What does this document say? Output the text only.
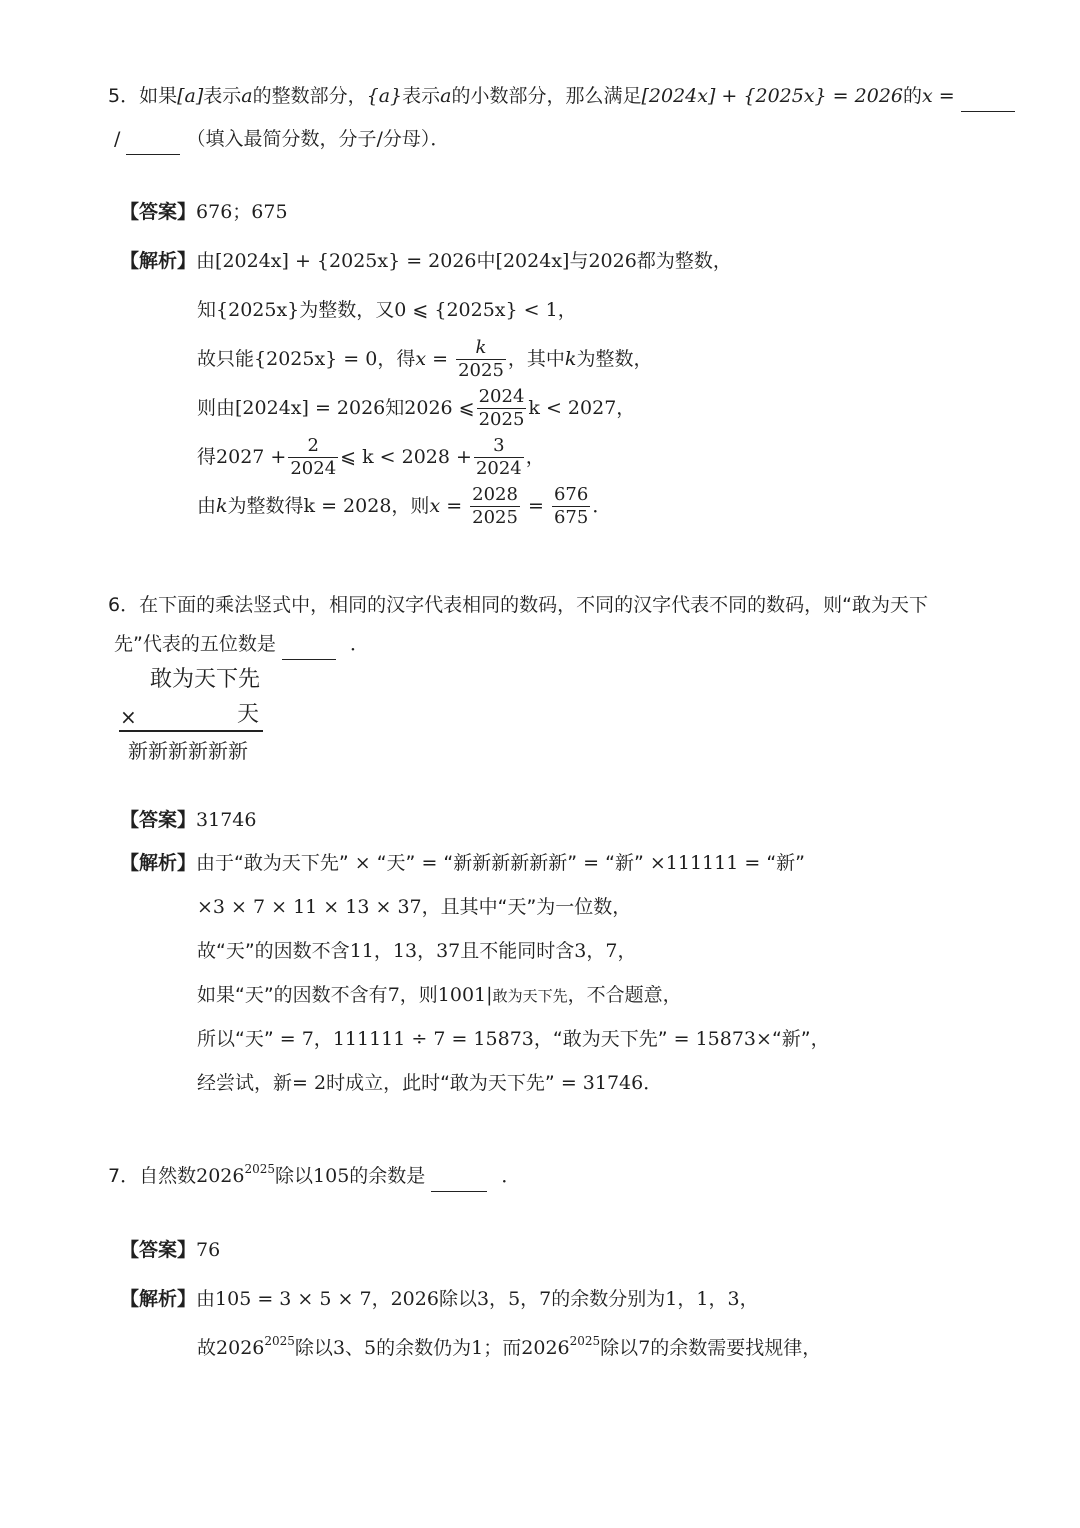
5．如果[a]表示a的整数部分，{a}表示a的小数部分，那么满足[2024x] + {2025x} = 2026的x =
/	（填入最简分数，分子/分母）．
【答案】676；675
【解析】由[2024x] + {2025x} = 2026中[2024x]与2026都为整数，
知{2025x}为整数，又0 ⩽ {2025x} < 1，
故只能{2025x} = 0，得$x = \frac{k}{2025}$ ，其中k为整数，
则由[2024x] = 2026知2026 ⩽ $\frac{2024}{2025}$ k < 2027，
得$2027 + \frac{2}{2024}$ ⩽ $k < 2028 + \frac{3}{2024}$ ，
由k为整数得k = 2028，则$x = \frac{2028}{2025} = \frac{676}{675}$ ．
6．在下面的乘法竖式中，相同的汉字代表相同的数码，不同的汉字代表不同的数码，则“敢为天下
先”代表的五位数是	．
敢为天下先
×	天
新新新新新新
【答案】31746
【解析】由于“敢为天下先” × “天” = “新新新新新新” = “新” ×111111 = “新”
×3 × 7 × 11 × 13 × 37，且其中“天”为一位数，
故“天”的因数不含11，13，37且不能同时含3，7，
如果“天”的因数不含有7，则1001|敢为天下先，不合题意，
所以“天” = 7，111111 ÷ 7 = 15873，“敢为天下先” = 15873×“新”，
经尝试，新= 2时成立，此时“敢为天下先” = 31746．
7．自然数$2026^{2025}$除以105的余数是	．
【答案】76
【解析】由105 = 3 × 5 × 7，2026除以3，5，7的余数分别为1，1，3，
故$2026^{2025}$除以3、5的余数仍为1；而$2026^{2025}$除以7的余数需要找规律，
